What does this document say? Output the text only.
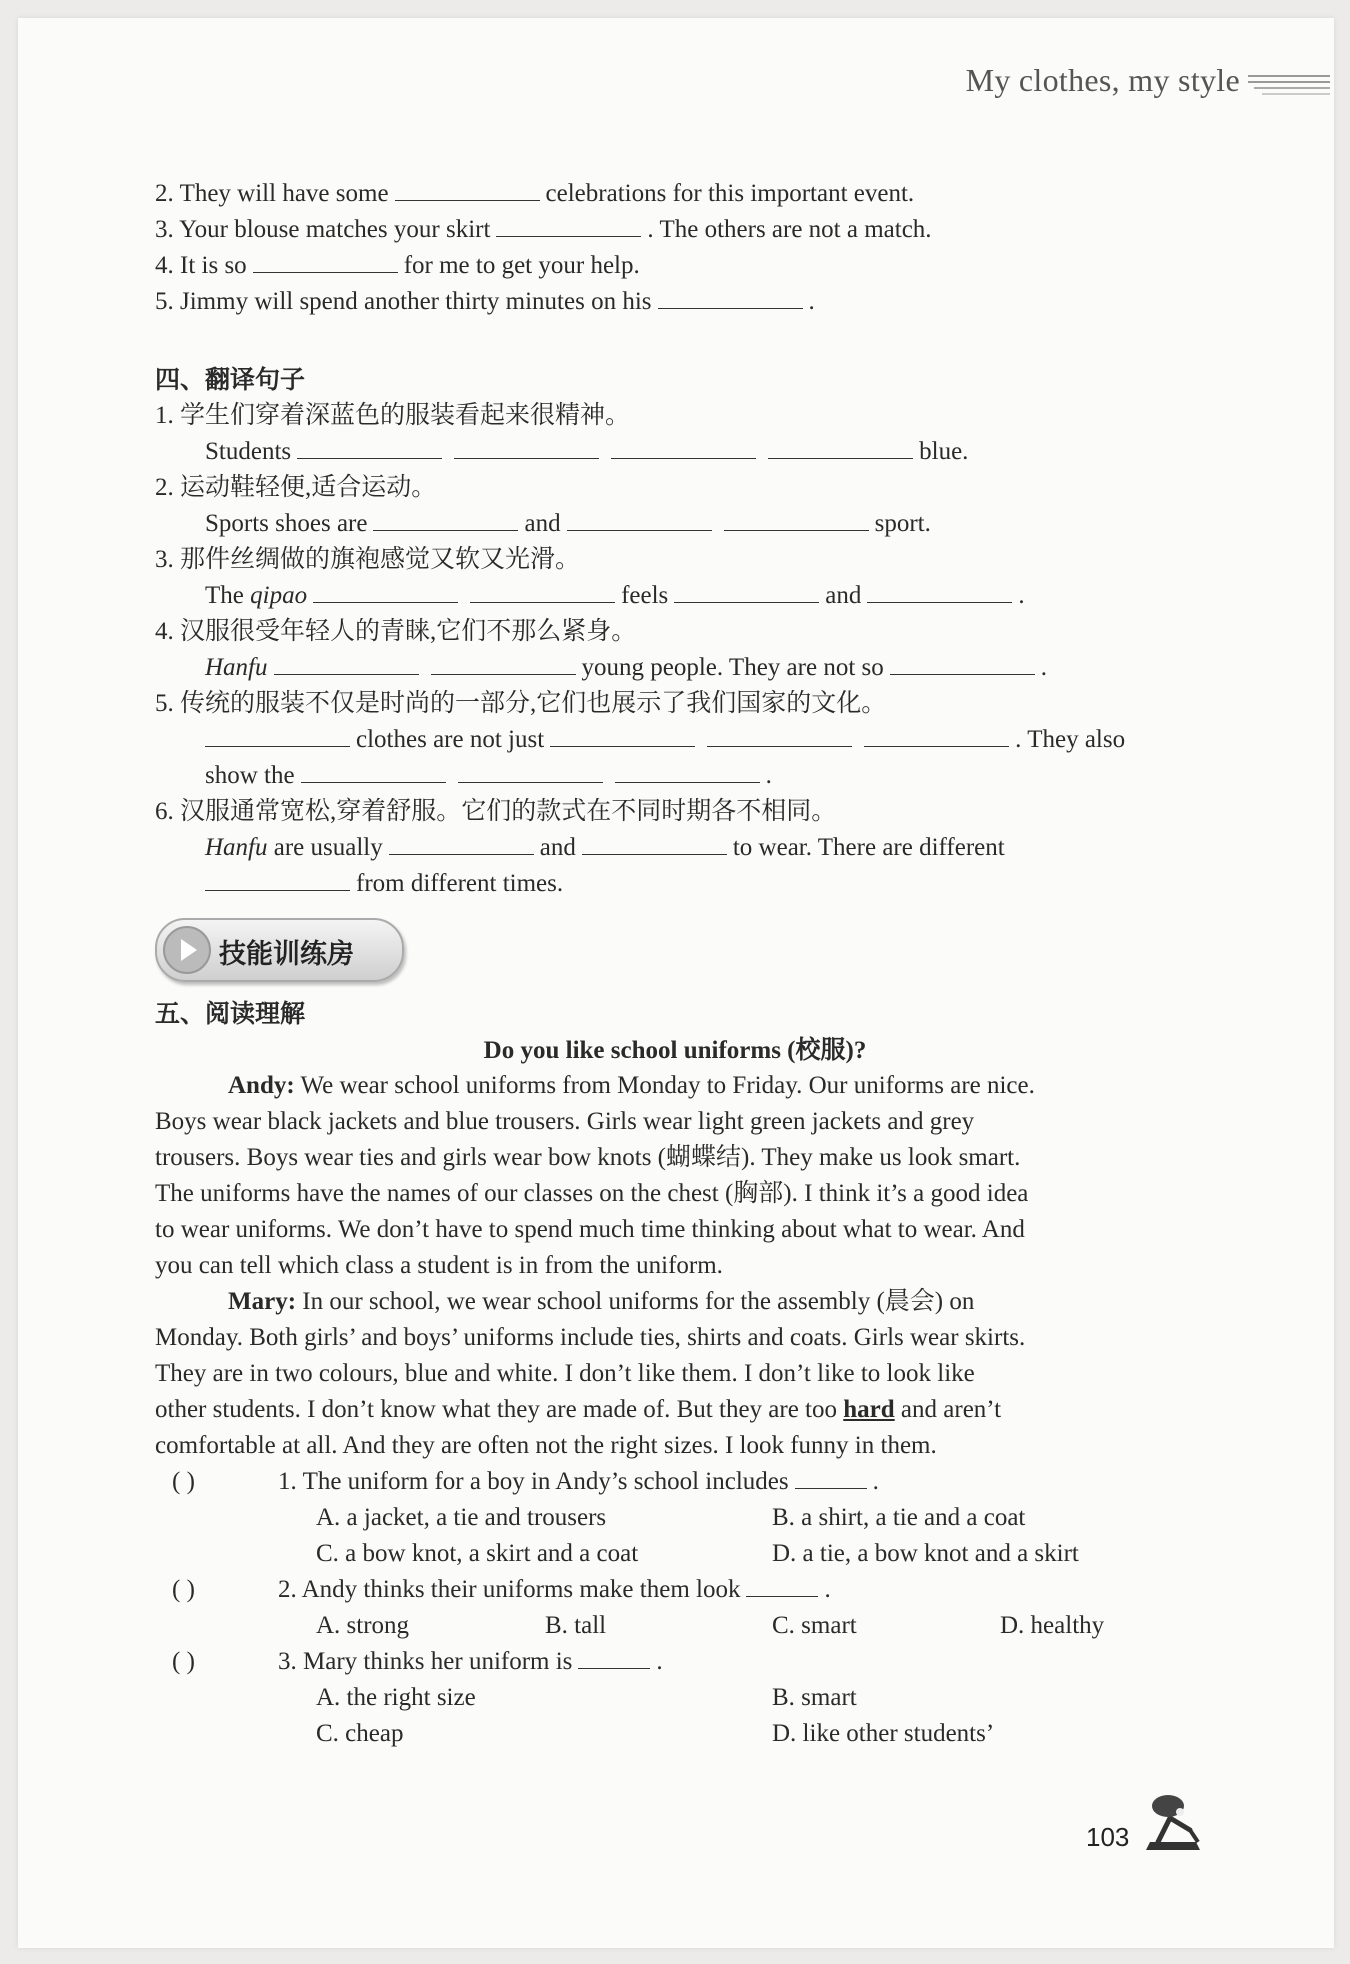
My clothes, my style
2. They will have some	celebrations for this important event.
3. Your blouse matches your skirt	. The others are not a match.
4. It is so	for me to get your help.
5. Jimmy will spend another thirty minutes on his	.
四、翻译句子
1. 学生们穿着深蓝色的服装看起来很精神。
Students	blue.
2. 运动鞋轻便,适合运动。
Sports shoes are	and	sport.
3. 那件丝绸做的旗袍感觉又软又光滑。
The qipao	feels	and	.
4. 汉服很受年轻人的青睐,它们不那么紧身。
Hanfu	young people. They are not so	.
5. 传统的服装不仅是时尚的一部分,它们也展示了我们国家的文化。
clothes are not just	. They also
show the	.
6. 汉服通常宽松,穿着舒服。它们的款式在不同时期各不相同。
Hanfu are usually	and	to wear. There are different
from different times.
技能训练房
五、阅读理解
Do you like school uniforms (校服)?
Andy: We wear school uniforms from Monday to Friday. Our uniforms are nice.
Boys wear black jackets and blue trousers. Girls wear light green jackets and grey
trousers. Boys wear ties and girls wear bow knots (蝴蝶结). They make us look smart.
The uniforms have the names of our classes on the chest (胸部). I think it’s a good idea
to wear uniforms. We don’t have to spend much time thinking about what to wear. And
you can tell which class a student is in from the uniform.
Mary: In our school, we wear school uniforms for the assembly (晨会) on
Monday. Both girls’ and boys’ uniforms include ties, shirts and coats. Girls wear skirts.
They are in two colours, blue and white. I don’t like them. I don’t like to look like
other students. I don’t know what they are made of. But they are too hard and aren’t
comfortable at all. And they are often not the right sizes. I look funny in them.
( )	1. The uniform for a boy in Andy’s school includes	.
A. a jacket, a tie and trousers	B. a shirt, a tie and a coat
C. a bow knot, a skirt and a coat	D. a tie, a bow knot and a skirt
( )	2. Andy thinks their uniforms make them look	.
A. strong	B. tall	C. smart	D. healthy
( )	3. Mary thinks her uniform is	.
A. the right size	B. smart
C. cheap	D. like other students’
103
